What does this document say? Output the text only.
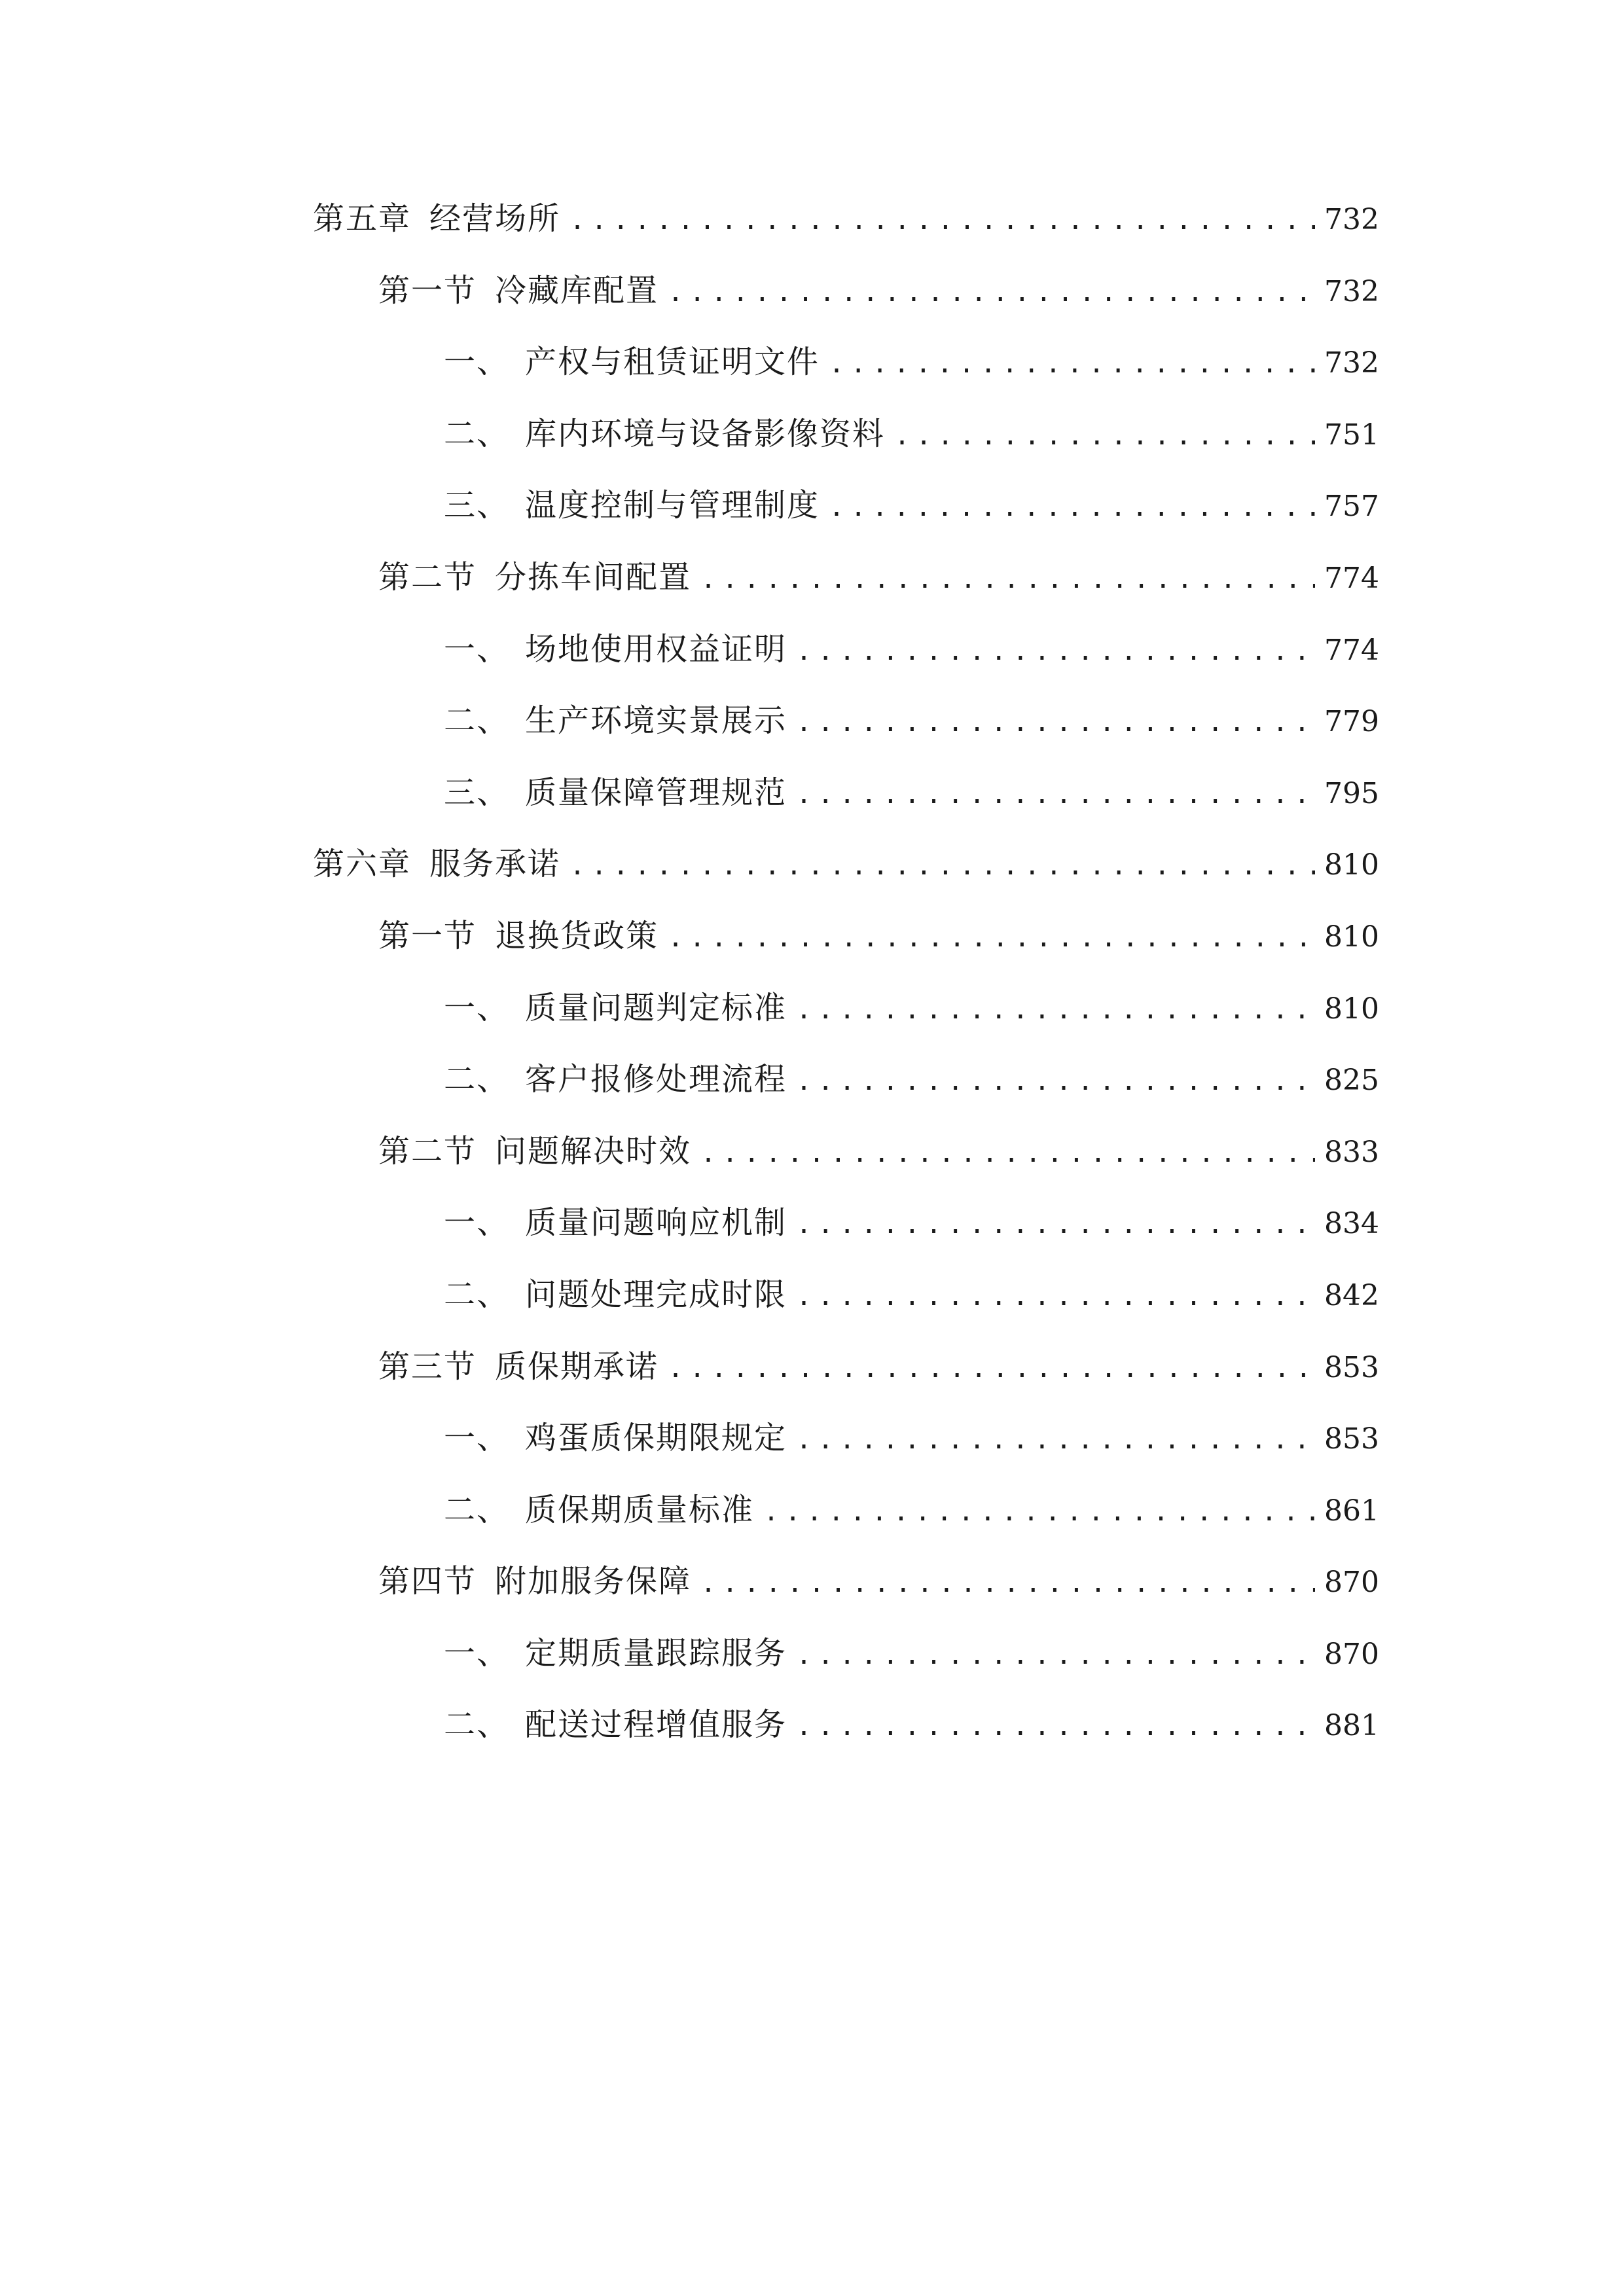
第五章 经营场所 .....	732
第一节 冷藏库配置 .....	732
一、 产权与租赁证明文件 .....	732
二、 库内环境与设备影像资料 .....	751
三、 温度控制与管理制度 .....	757
第二节 分拣车间配置 .....	774
一、 场地使用权益证明 .....	774
二、 生产环境实景展示 .....	779
三、 质量保障管理规范 .....	795
第六章 服务承诺 .....	810
第一节 退换货政策 .....	810
一、 质量问题判定标准 .....	810
二、 客户报修处理流程 .....	825
第二节 问题解决时效 .....	833
一、 质量问题响应机制 .....	834
二、 问题处理完成时限 .....	842
第三节 质保期承诺 .....	853
一、 鸡蛋质保期限规定 .....	853
二、 质保期质量标准 .....	861
第四节 附加服务保障 .....	870
一、 定期质量跟踪服务 .....	870
二、 配送过程增值服务 .....	881
